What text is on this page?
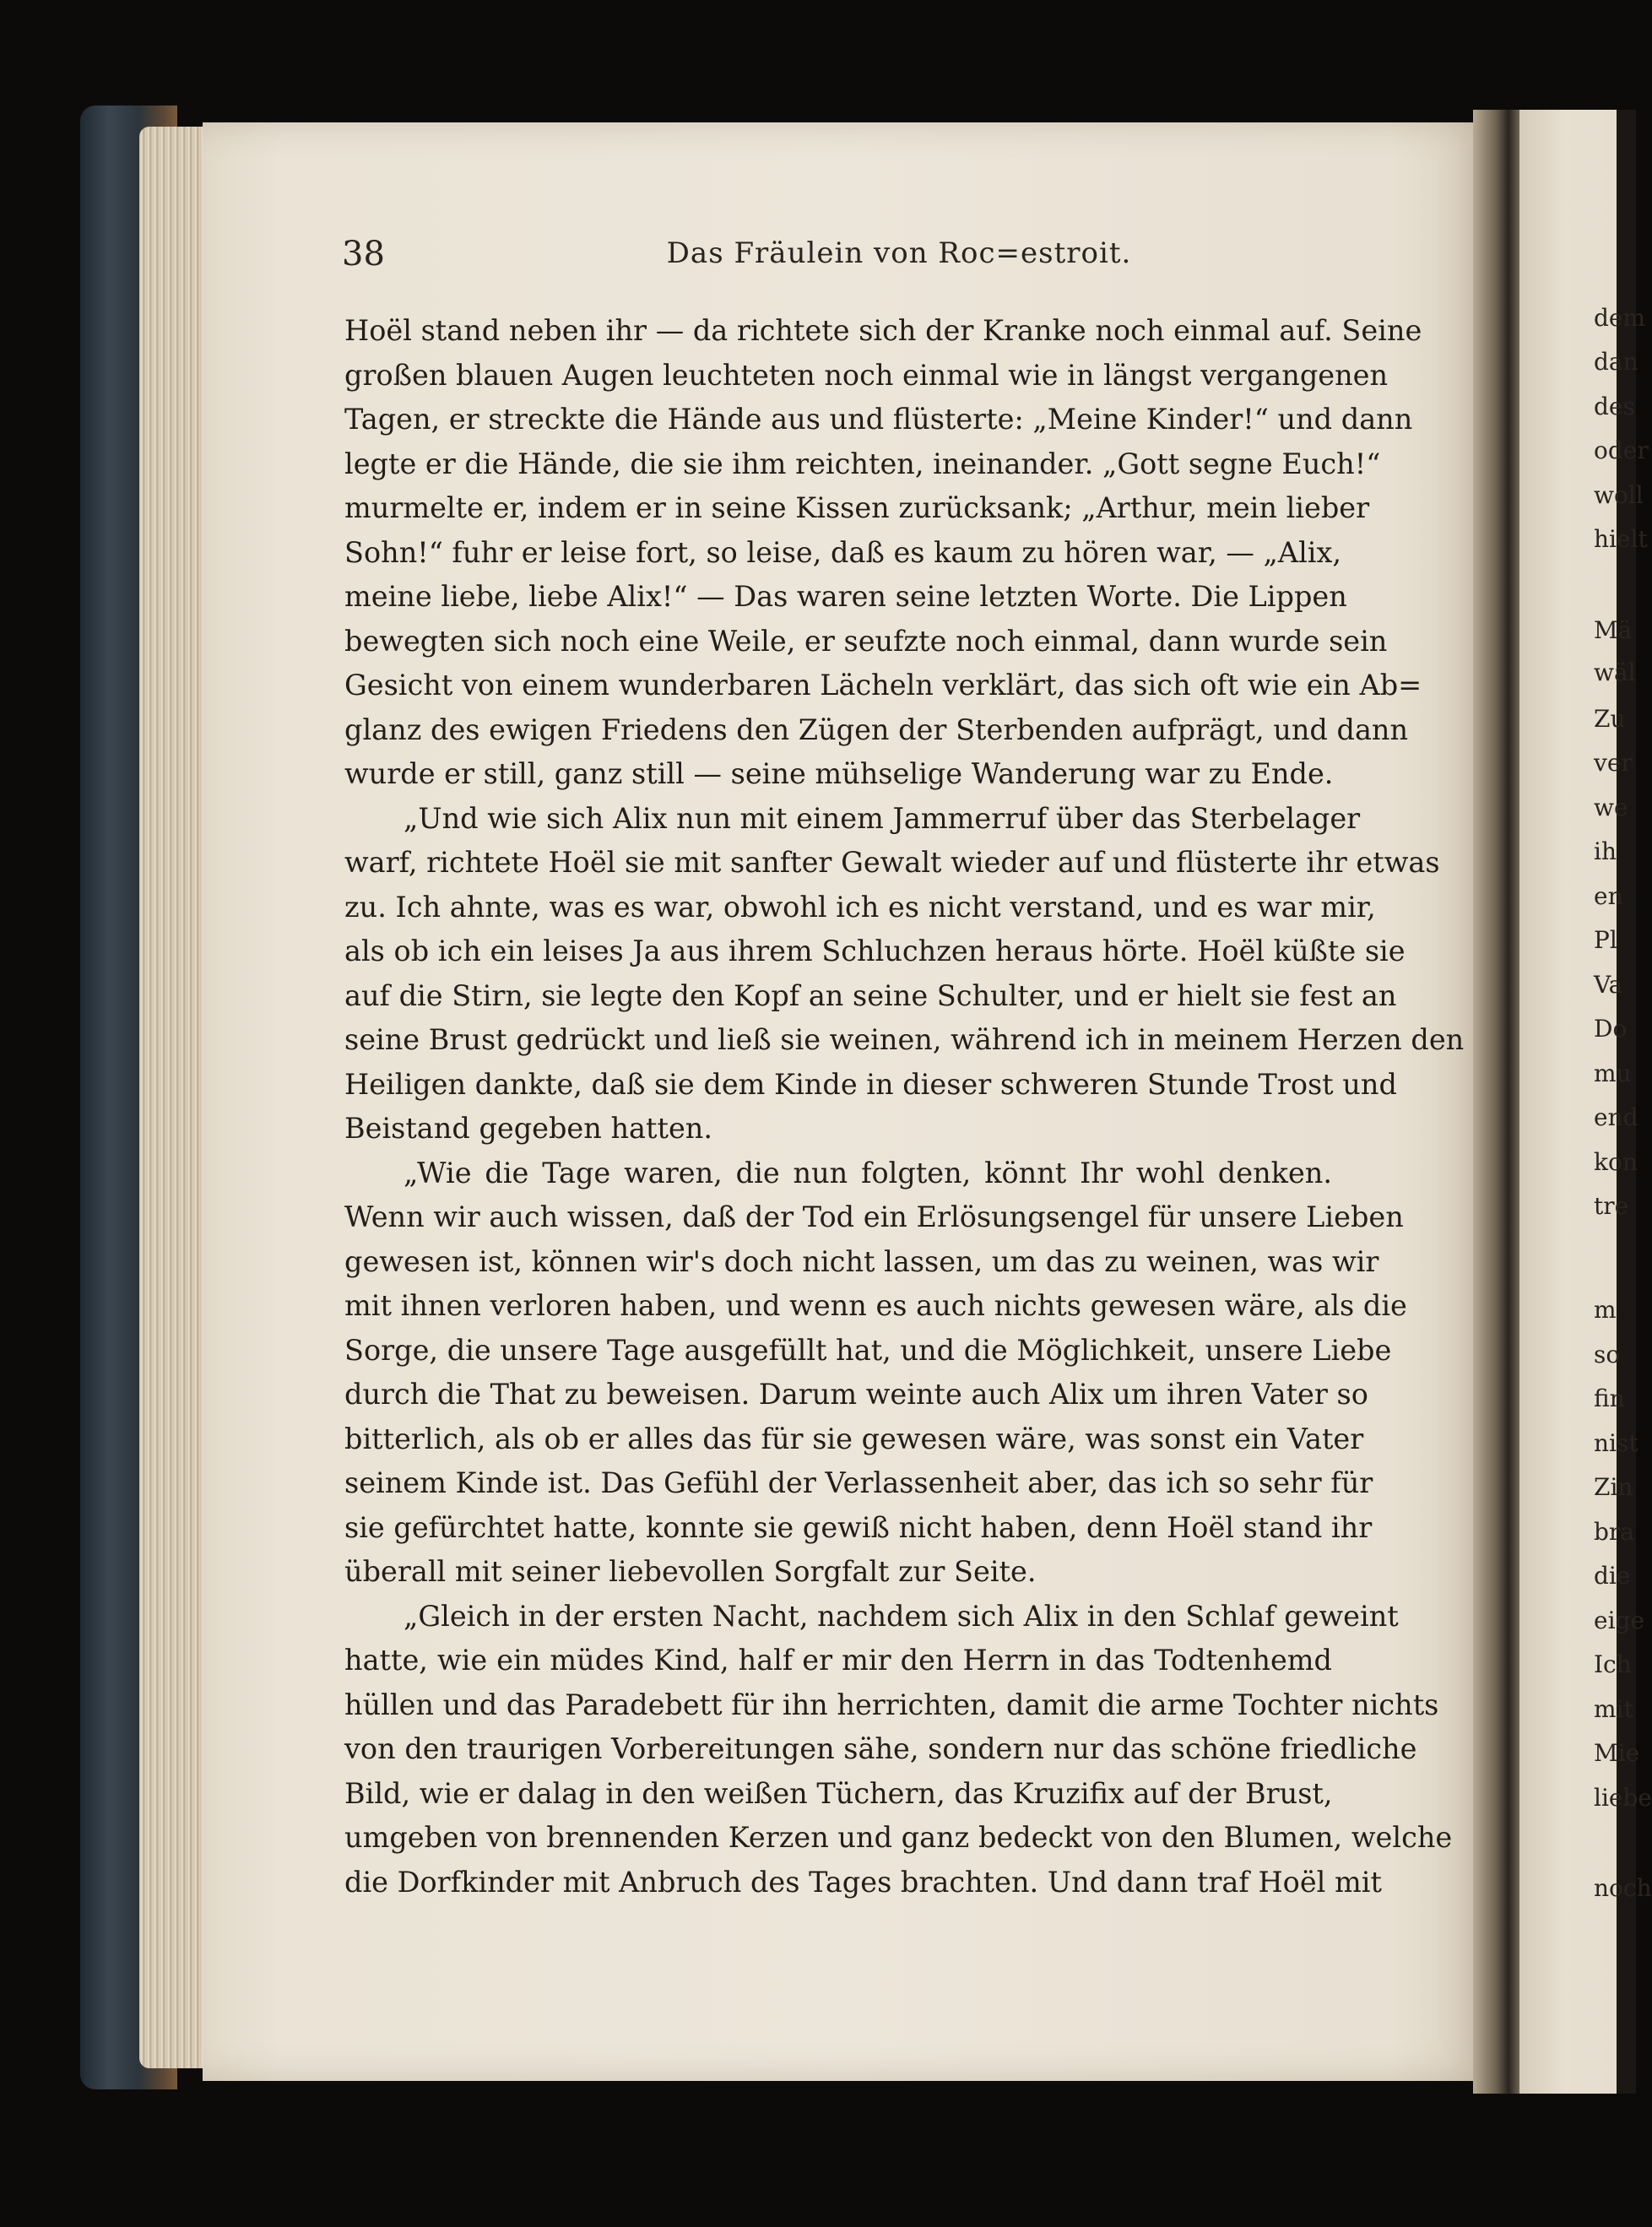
38	Das Fräulein von Roc=estroit.
Hoël stand neben ihr — da richtete sich der Kranke noch einmal auf. Seine
großen blauen Augen leuchteten noch einmal wie in längst vergangenen
Tagen, er streckte die Hände aus und flüsterte: „Meine Kinder!“ und dann
legte er die Hände, die sie ihm reichten, ineinander. „Gott segne Euch!“
murmelte er, indem er in seine Kissen zurücksank; „Arthur, mein lieber
Sohn!“ fuhr er leise fort, so leise, daß es kaum zu hören war, — „Alix,
meine liebe, liebe Alix!“ — Das waren seine letzten Worte. Die Lippen
bewegten sich noch eine Weile, er seufzte noch einmal, dann wurde sein
Gesicht von einem wunderbaren Lächeln verklärt, das sich oft wie ein Ab=
glanz des ewigen Friedens den Zügen der Sterbenden aufprägt, und dann
wurde er still, ganz still — seine mühselige Wanderung war zu Ende.
„Und wie sich Alix nun mit einem Jammerruf über das Sterbelager
warf, richtete Hoël sie mit sanfter Gewalt wieder auf und flüsterte ihr etwas
zu. Ich ahnte, was es war, obwohl ich es nicht verstand, und es war mir,
als ob ich ein leises Ja aus ihrem Schluchzen heraus hörte. Hoël küßte sie
auf die Stirn, sie legte den Kopf an seine Schulter, und er hielt sie fest an
seine Brust gedrückt und ließ sie weinen, während ich in meinem Herzen den
Heiligen dankte, daß sie dem Kinde in dieser schweren Stunde Trost und
Beistand gegeben hatten.
„Wie die Tage waren, die nun folgten, könnt Ihr wohl denken.
Wenn wir auch wissen, daß der Tod ein Erlösungsengel für unsere Lieben
gewesen ist, können wir's doch nicht lassen, um das zu weinen, was wir
mit ihnen verloren haben, und wenn es auch nichts gewesen wäre, als die
Sorge, die unsere Tage ausgefüllt hat, und die Möglichkeit, unsere Liebe
durch die That zu beweisen. Darum weinte auch Alix um ihren Vater so
bitterlich, als ob er alles das für sie gewesen wäre, was sonst ein Vater
seinem Kinde ist. Das Gefühl der Verlassenheit aber, das ich so sehr für
sie gefürchtet hatte, konnte sie gewiß nicht haben, denn Hoël stand ihr
überall mit seiner liebevollen Sorgfalt zur Seite.
„Gleich in der ersten Nacht, nachdem sich Alix in den Schlaf geweint
hatte, wie ein müdes Kind, half er mir den Herrn in das Todtenhemd
hüllen und das Paradebett für ihn herrichten, damit die arme Tochter nichts
von den traurigen Vorbereitungen sähe, sondern nur das schöne friedliche
Bild, wie er dalag in den weißen Tüchern, das Kruzifix auf der Brust,
umgeben von brennenden Kerzen und ganz bedeckt von den Blumen, welche
die Dorfkinder mit Anbruch des Tages brachten. Und dann traf Hoël mit
dem
dan
des
oder
woll
hielt
Mä
wäl
Zu
ver
we
ih
en
Pl
Va
Do
mu
end
kon
tre
m
so
fin
nist
Zin
bra
die
eige
Ich
mit
Mie
liebe
noch
